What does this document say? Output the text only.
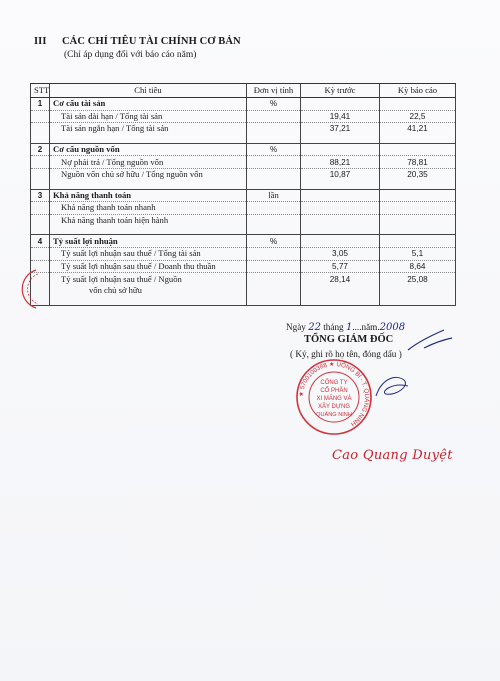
III CÁC CHỈ TIÊU TÀI CHÍNH CƠ BẢN
(Chỉ áp dụng đối với báo cáo năm)
STT	Chỉ tiêu	Đơn vị tính	Kỳ trước	Kỳ báo cáo
1	Cơ cấu tài sản	%		
	Tài sản dài hạn / Tổng tài sản		19,41	22,5
	Tài sản ngắn hạn / Tổng tài sản		37,21	41,21

2	Cơ cấu nguồn vốn	%		
	Nợ phải trả / Tổng nguồn vốn		88,21	78,81
	Nguồn vốn chủ sở hữu / Tổng nguồn vốn		10,87	20,35

3	Khả năng thanh toán	lần		
	Khả năng thanh toán nhanh			
	Khả năng thanh toán hiện hành			

4	Tỷ suất lợi nhuận	%		
	Tỷ suất lợi nhuận sau thuế / Tổng tài sản		3,05	5,1
	Tỷ suất lợi nhuận sau thuế / Doanh thu thuần		5,77	8,64

	Tỷ suất lợi nhuận sau thuế / Nguồn
vốn chủ sở hữu		28,14	25,08

Ngày 22 tháng 1....năm.2008
TỔNG GIÁM ĐỐC
( Ký, ghi rõ họ tên, đóng dấu )
★ 5700100388 ★ UÔNG BÍ - T. QUẢNG NINH
CÔNG TY
CỔ PHẦN
XI MĂNG VÀ
XÂY DỰNG
QUẢNG NINH
Cao Quang Duyệt
